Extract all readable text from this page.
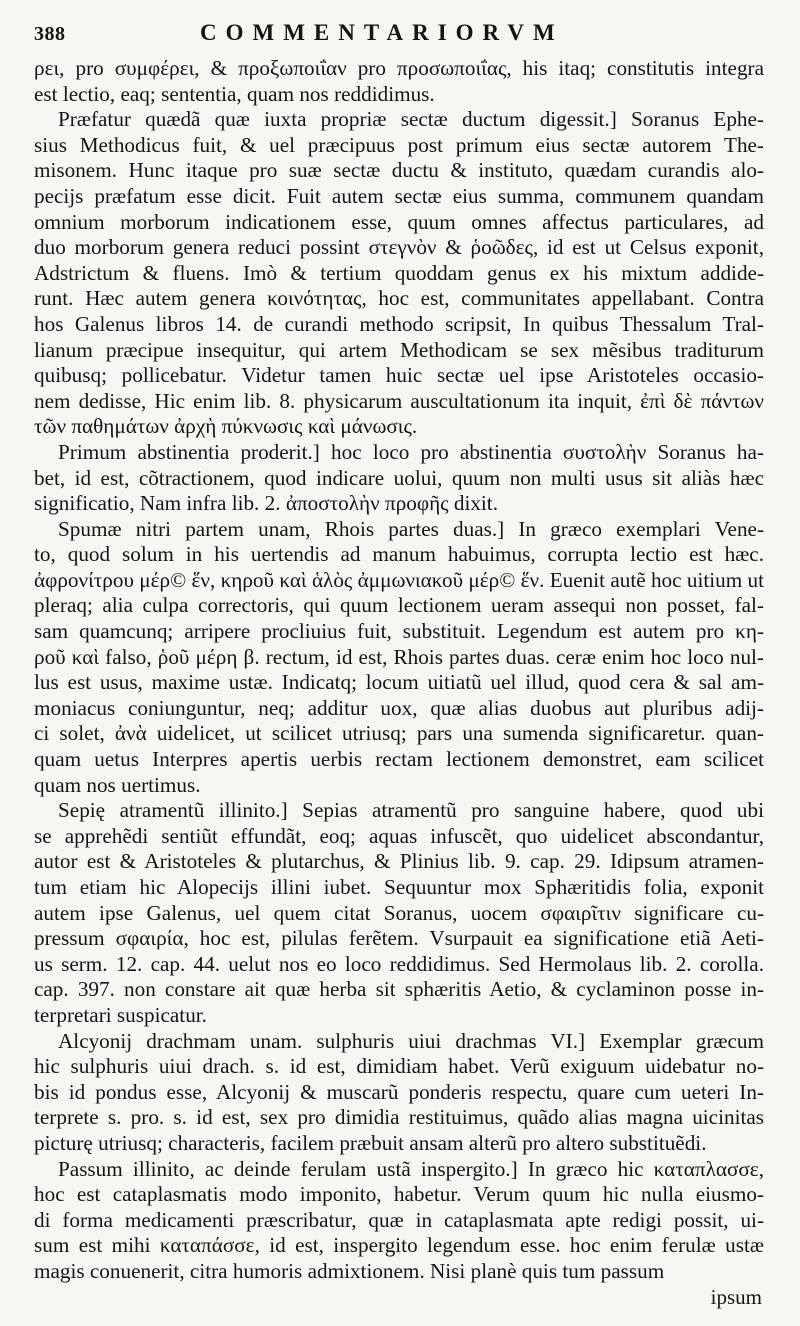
388	COMMENTARIORVM
ρει, pro συμφέρει, & προξωποιΐαν pro προσωποιΐας, his itaq; constitutis integra
est lectio, eaq; sententia, quam nos reddidimus.
Præfatur quædã quæ iuxta propriæ sectæ ductum digessit.] Soranus Ephe-
sius Methodicus fuit, & uel præcipuus post primum eius sectæ autorem The-
misonem. Hunc itaque pro suæ sectæ ductu & instituto, quædam curandis alo-
pecijs præfatum esse dicit. Fuit autem sectæ eius summa, communem quandam
omnium morborum indicationem esse, quum omnes affectus particulares, ad
duo morborum genera reduci possint στεγνὸν & ῥοῶδες, id est ut Celsus exponit,
Adstrictum & fluens. Imò & tertium quoddam genus ex his mixtum addide-
runt. Hæc autem genera κοινότητας, hoc est, communitates appellabant. Contra
hos Galenus libros 14. de curandi methodo scripsit, In quibus Thessalum Tral-
lianum præcipue insequitur, qui artem Methodicam se sex mẽsibus traditurum
quibusq; pollicebatur. Videtur tamen huic sectæ uel ipse Aristoteles occasio-
nem dedisse, Hic enim lib. 8. physicarum auscultationum ita inquit, ἐπὶ δὲ πάντων
τῶν παθημάτων ἀρχὴ πύκνωσις καὶ μάνωσις.
Primum abstinentia proderit.] hoc loco pro abstinentia συστολὴν Soranus ha-
bet, id est, cõtractionem, quod indicare uolui, quum non multi usus sit aliàs hæc
significatio, Nam infra lib. 2. ἀποστολὴν προφῆς dixit.
Spumæ nitri partem unam, Rhois partes duas.] In græco exemplari Vene-
to, quod solum in his uertendis ad manum habuimus, corrupta lectio est hæc.
ἀφρονίτρου μέρ© ἕν, κηροῦ καὶ ἁλὸς ἀμμωνιακοῦ μέρ© ἕν. Euenit autẽ hoc uitium ut
pleraq; alia culpa correctoris, qui quum lectionem ueram assequi non posset, fal-
sam quamcunq; arripere procliuius fuit, substituit. Legendum est autem pro κη-
ροῦ καὶ falso, ῥοῦ μέρη β. rectum, id est, Rhois partes duas. ceræ enim hoc loco nul-
lus est usus, maxime ustæ. Indicatq; locum uitiatũ uel illud, quod cera & sal am-
moniacus coniunguntur, neq; additur uox, quæ alias duobus aut pluribus adij-
ci solet, ἀνὰ uidelicet, ut scilicet utriusq; pars una sumenda significaretur. quan-
quam uetus Interpres apertis uerbis rectam lectionem demonstret, eam scilicet
quam nos uertimus.
Sepię atramentũ illinito.] Sepias atramentũ pro sanguine habere, quod ubi
se apprehẽdi sentiũt effundãt, eoq; aquas infuscẽt, quo uidelicet abscondantur,
autor est & Aristoteles & plutarchus, & Plinius lib. 9. cap. 29. Idipsum atramen-
tum etiam hic Alopecijs illini iubet. Sequuntur mox Sphæritidis folia, exponit
autem ipse Galenus, uel quem citat Soranus, uocem σφαιρῖτιν significare cu-
pressum σφαιρία, hoc est, pilulas ferẽtem. Vsurpauit ea significatione etiã Aeti-
us serm. 12. cap. 44. uelut nos eo loco reddidimus. Sed Hermolaus lib. 2. corolla.
cap. 397. non constare ait quæ herba sit sphæritis Aetio, & cyclaminon posse in-
terpretari suspicatur.
Alcyonij drachmam unam. sulphuris uiui drachmas VI.] Exemplar græcum
hic sulphuris uiui drach. s. id est, dimidiam habet. Verũ exiguum uidebatur no-
bis id pondus esse, Alcyonij & muscarũ ponderis respectu, quare cum ueteri In-
terprete s. pro. s. id est, sex pro dimidia restituimus, quãdo alias magna uicinitas
picturę utriusq; characteris, facilem præbuit ansam alterũ pro altero substituẽdi.
Passum illinito, ac deinde ferulam ustã inspergito.] In græco hic καταπλασσε,
hoc est cataplasmatis modo imponito, habetur. Verum quum hic nulla eiusmo-
di forma medicamenti præscribatur, quæ in cataplasmata apte redigi possit, ui-
sum est mihi καταπάσσε, id est, inspergito legendum esse. hoc enim ferulæ ustæ
magis conuenerit, citra humoris admixtionem. Nisi planè quis tum passum
ipsum
